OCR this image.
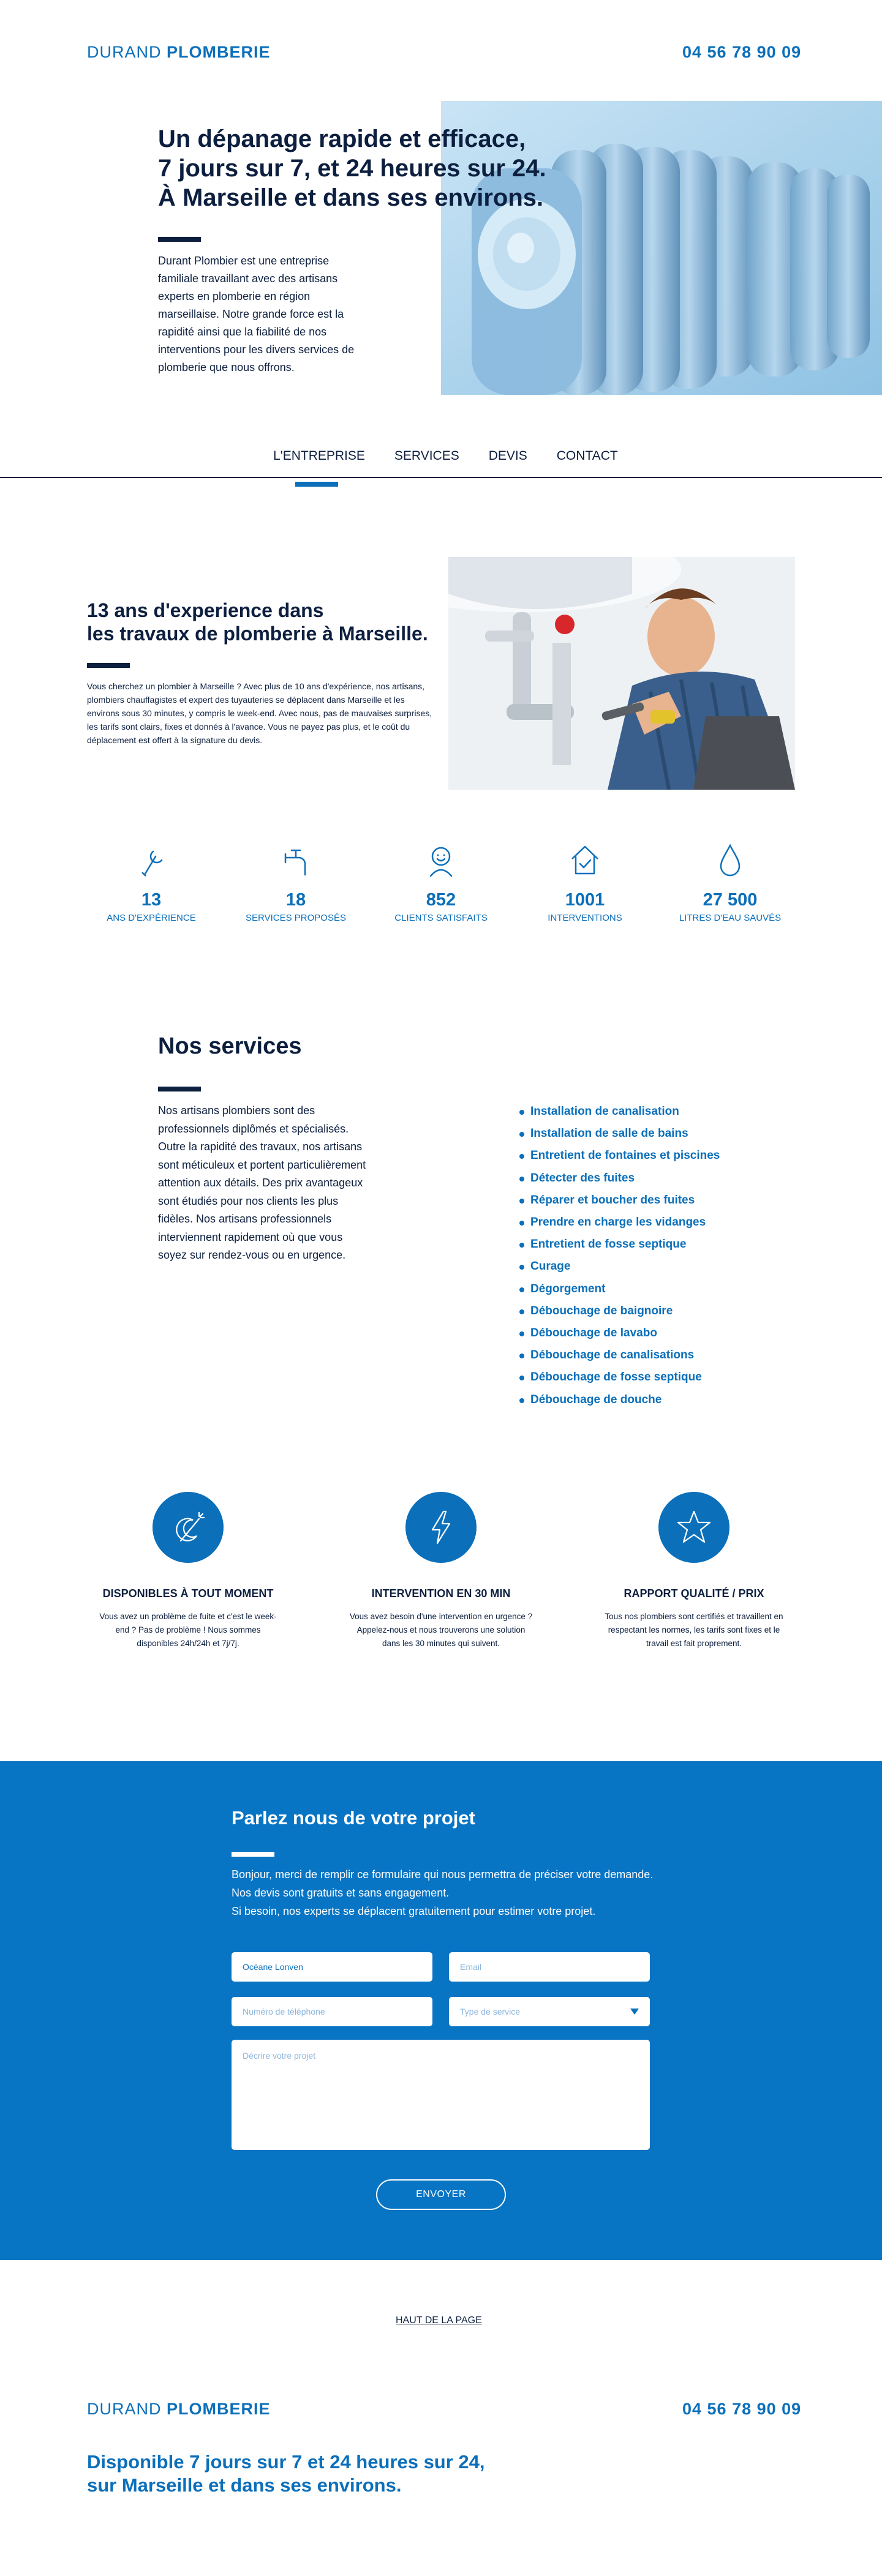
DURAND PLOMBERIE	04 56 78 90 09
Un dépanage rapide et efficace,
7 jours sur 7, et 24 heures sur 24.
À Marseille et dans ses environs.
Durant Plombier est une entreprise familiale travaillant avec des artisans experts en plomberie en région marseillaise. Notre grande force est la rapidité ainsi que la fiabilité de nos interventions pour les divers services de plomberie que nous offrons.
L'ENTREPRISE SERVICES DEVIS CONTACT
13 ans d'experience dans
les travaux de plomberie à Marseille.
Vous cherchez un plombier à Marseille ? Avec plus de 10 ans d'expérience, nos artisans, plombiers chauffagistes et expert des tuyauteries se déplacent dans Marseille et les environs sous 30 minutes, y compris le week-end. Avec nous, pas de mauvaises surprises, les tarifs sont clairs, fixes et donnés à l'avance. Vous ne payez pas plus, et le coût du déplacement est offert à la signature du devis.
13
ANS D'EXPÉRIENCE
18
SERVICES PROPOSÉS
852
CLIENTS SATISFAITS
1001
INTERVENTIONS
27 500
LITRES D'EAU SAUVÉS
Nos services
Nos artisans plombiers sont des professionnels diplômés et spécialisés. Outre la rapidité des travaux, nos artisans sont méticuleux et portent particulièrement attention aux détails. Des prix avantageux sont étudiés pour nos clients les plus fidèles. Nos artisans professionnels interviennent rapidement où que vous soyez sur rendez-vous ou en urgence.
Installation de canalisation
Installation de salle de bains
Entretient de fontaines et piscines
Détecter des fuites
Réparer et boucher des fuites
Prendre en charge les vidanges
Entretient de fosse septique
Curage
Dégorgement
Débouchage de baignoire
Débouchage de lavabo
Débouchage de canalisations
Débouchage de fosse septique
Débouchage de douche
DISPONIBLES À TOUT MOMENT
Vous avez un problème de fuite et c'est le week-end ? Pas de problème ! Nous sommes disponibles 24h/24h et 7j/7j.
INTERVENTION EN 30 MIN
Vous avez besoin d'une intervention en urgence ? Appelez-nous et nous trouverons une solution dans les 30 minutes qui suivent.
RAPPORT QUALITÉ / PRIX
Tous nos plombiers sont certifiés et travaillent en respectant les normes, les tarifs sont fixes et le travail est fait proprement.
Parlez nous de votre projet
Bonjour, merci de remplir ce formulaire qui nous permettra de préciser votre demande. Nos devis sont gratuits et sans engagement.
Si besoin, nos experts se déplacent gratuitement pour estimer votre projet.
Océane Lonven	Email
Numéro de téléphone	Type de service
Décrire votre projet
ENVOYER
HAUT DE LA PAGE
DURAND PLOMBERIE	04 56 78 90 09
Disponible 7 jours sur 7 et 24 heures sur 24,
sur Marseille et dans ses environs.
